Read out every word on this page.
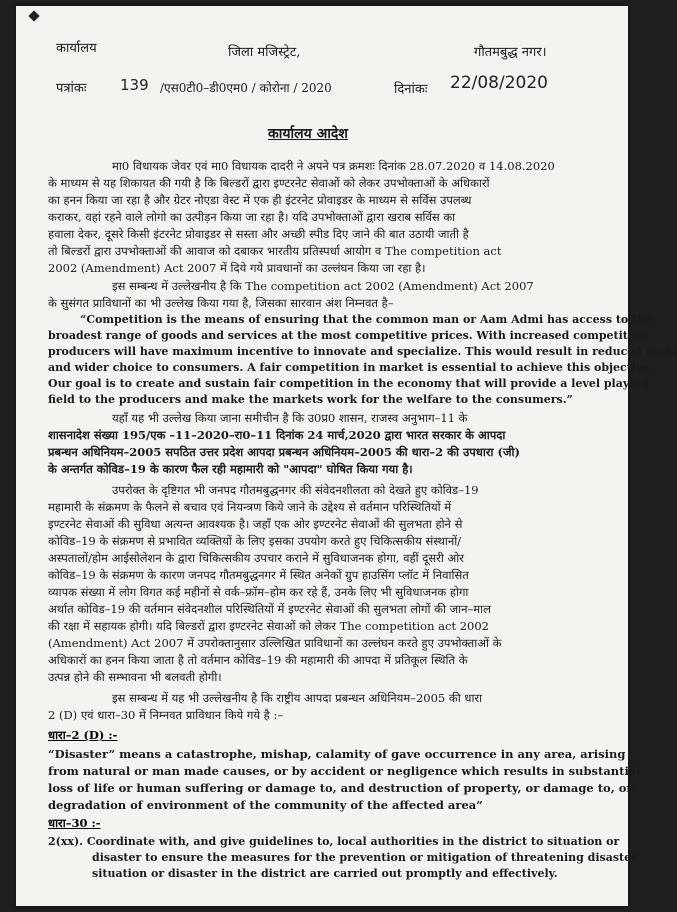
कार्यालय	जिला मजिस्ट्रेट,	गौतमबुद्ध नगर।
पत्रांकः 139 /एस0टी0–डी0एम0 / कोरोना / 2020	दिनांकः 22/08/2020
कार्यालय आदेश
मा0 विधायक जेवर एवं मा0 विधायक दादरी ने अपने पत्र क्रमशः दिनांक 28.07.2020 व 14.08.2020
के माध्यम से यह शिकायत की गयी है कि बिल्डरों द्वारा इण्टरनेट सेवाओं को लेकर उपभोक्ताओं के अधिकारों
का हनन किया जा रहा है और ग्रेटर नोएडा वेस्ट में एक ही इंटरनेट प्रोवाइडर के माध्यम से सर्विस उपलब्ध
कराकर, वहां रहने वाले लोगो का उत्पीड़न किया जा रहा है। यदि उपभोक्ताओं द्वारा खराब सर्विस का
हवाला देकर, दूसरे किसी इंटरनेट प्रोवाइडर से सस्ता और अच्छी स्पीड दिए जाने की बात उठायी जाती है
तो बिल्डरों द्वारा उपभोक्ताओं की आवाज को दबाकर भारतीय प्रतिस्पर्धा आयोग व The competition act
2002 (Amendment) Act 2007 में दिये गये प्रावधानों का उल्लंघन किया जा रहा है।
इस सम्बन्ध में उल्लेखनीय है कि The competition act 2002 (Amendment) Act 2007
के सुसंगत प्राविधानों का भी उल्लेख किया गया है, जिसका सारवान अंश निम्नवत है–
“Competition is the means of ensuring that the common man or Aam Admi has access to the
broadest range of goods and services at the most competitive prices. With increased competition
producers will have maximum incentive to innovate and specialize. This would result in reduced costs
and wider choice to consumers. A fair competition in market is essential to achieve this objective.
Our goal is to create and sustain fair competition in the economy that will provide a level playing
field to the producers and make the markets work for the welfare to the consumers.”
यहाँ यह भी उल्लेख किया जाना समीचीन है कि उ0प्र0 शासन, राजस्व अनुभाग–11 के
शासनादेश संख्या 195/एक –11–2020–रा0–11 दिनांक 24 मार्च,2020 द्वारा भारत सरकार के आपदा
प्रबन्धन अधिनियम–2005 सपठित उत्तर प्रदेश आपदा प्रबन्धन अधिनियम–2005 की धारा–2 की उपधारा (जी)
के अन्तर्गत कोविड–19 के कारण फैल रही महामारी को "आपदा" घोषित किया गया है।
उपरोक्त के दृष्टिगत भी जनपद गौतमबुद्धनगर की संवेदनशीलता को देखते हुए कोविड–19
महामारी के संक्रमण के फैलने से बचाव एवं नियन्त्रण किये जाने के उद्देश्य से वर्तमान परिस्थितियों में
इण्टरनेट सेवाओं की सुविधा अत्यन्त आवश्यक है। जहाँ एक ओर इण्टरनेट सेवाओं की सुलभता होने से
कोविड–19 के संक्रमण से प्रभावित व्यक्तियों के लिए इसका उपयोग करते हुए चिकित्सकीय संस्थानों/
अस्पतालों/होम आईसोलेशन के द्वारा चिकित्सकीय उपचार कराने में सुविधाजनक होगा, वहीं दूसरी ओर
कोविड–19 के संक्रमण के कारण जनपद गौतमबुद्धनगर में स्थित अनेकों ग्रुप हाउसिंग प्लॉट में निवासित
व्यापक संख्या में लोग विगत कई महीनों से वर्क–फ्रॉम–होम कर रहे हैं, उनके लिए भी सुविधाजनक होगा
अर्थात कोविड–19 की वर्तमान संवेदनशील परिस्थितियों में इण्टरनेट सेवाओं की सुलभता लोगों की जान–माल
की रक्षा में सहायक होगी। यदि बिल्डरों द्वारा इण्टरनेट सेवाओं को लेकर The competition act 2002
(Amendment) Act 2007 में उपरोक्तानुसार उल्लिखित प्राविधानों का उल्लंघन करते हुए उपभोक्ताओं के
अधिकारों का हनन किया जाता है तो वर्तमान कोविड–19 की महामारी की आपदा में प्रतिकूल स्थिति के
उत्पन्न होने की सम्भावना भी बलवती होगी।
इस सम्बन्ध में यह भी उल्लेखनीय है कि राष्ट्रीय आपदा प्रबन्धन अधिनियम–2005 की धारा
2 (D) एवं धारा–30 में निम्नवत प्राविधान किये गये है :–
धारा–2 (D) :-
“Disaster” means a catastrophe, mishap, calamity of gave occurrence in any area, arising
from natural or man made causes, or by accident or negligence which results in substantial
loss of life or human suffering or damage to, and destruction of property, or damage to, or
degradation of environment of the community of the affected area”
धारा–30 :-
2(xx). Coordinate with, and give guidelines to, local authorities in the district to situation or
disaster to ensure the measures for the prevention or mitigation of threatening disaster
situation or disaster in the district are carried out promptly and effectively.
